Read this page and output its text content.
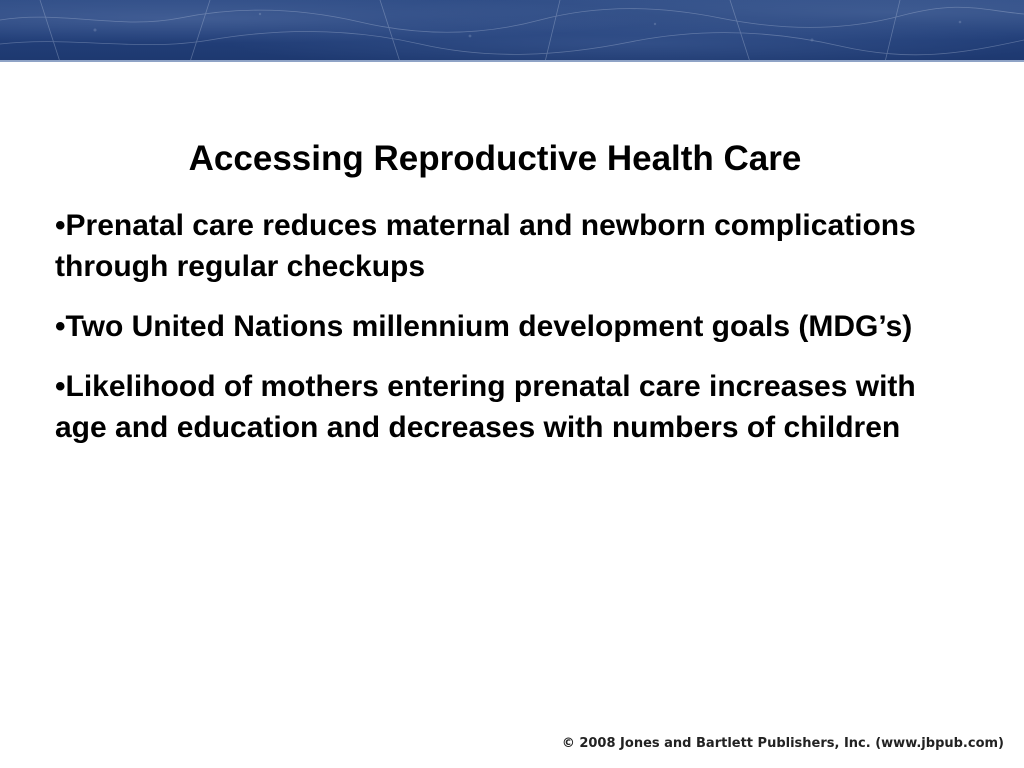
Accessing Reproductive Health Care
•Prenatal care reduces maternal and newborn complications through regular checkups
•Two United Nations millennium development goals (MDG’s)
•Likelihood of mothers entering prenatal care increases with age and education and decreases with numbers of children
© 2008 Jones and Bartlett Publishers, Inc. (www.jbpub.com)
